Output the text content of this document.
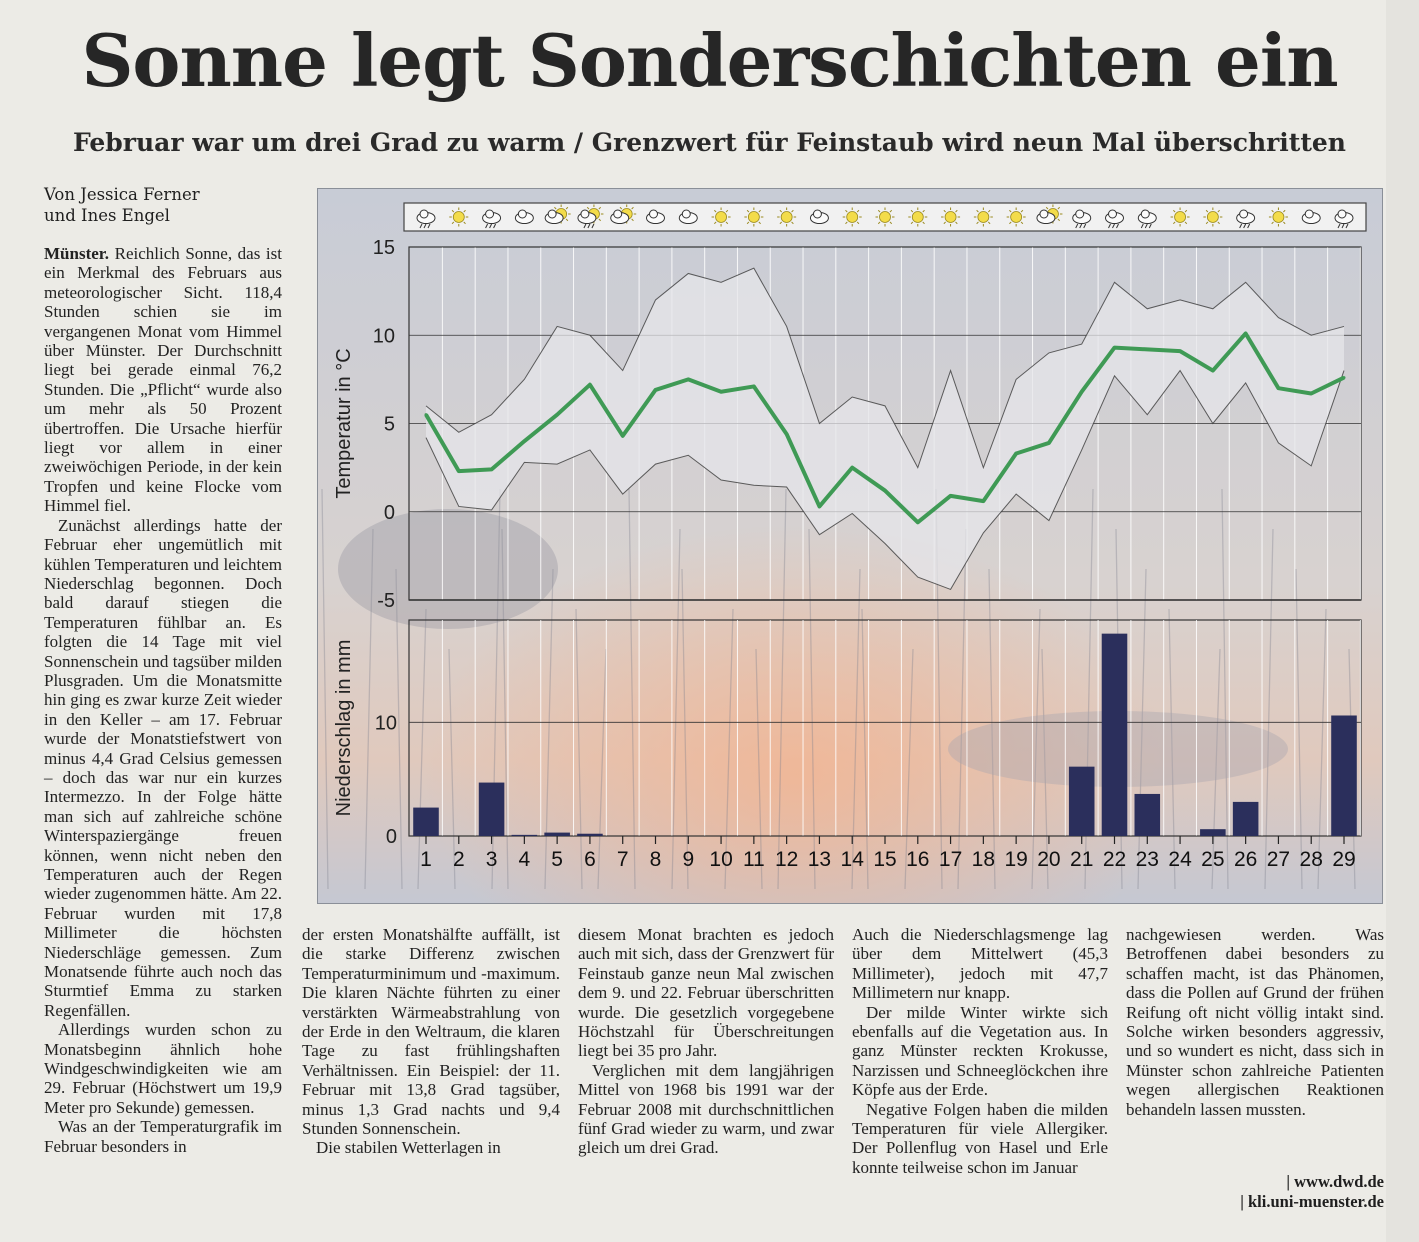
Sonne legt Sonderschichten ein
Februar war um drei Grad zu warm / Grenzwert für Feinstaub wird neun Mal überschritten
Von Jessica Ferner
und Ines Engel

Münster. Reichlich Sonne, das ist ein Merkmal des Februars aus meteorologischer Sicht. 118,4 Stunden schien sie im vergangenen Monat vom Himmel über Münster. Der Durchschnitt liegt bei gerade einmal 76,2 Stunden. Die „Pflicht“ wurde also um mehr als 50 Prozent übertroffen. Die Ursache hierfür liegt vor allem in einer zweiwöchigen Periode, in der kein Tropfen und keine Flocke vom Himmel fiel.

Zunächst allerdings hatte der Februar eher ungemütlich mit kühlen Temperaturen und leichtem Niederschlag begonnen. Doch bald darauf stiegen die Temperaturen fühlbar an. Es folgten die 14 Tage mit viel Sonnenschein und tagsüber milden Plusgraden. Um die Monatsmitte hin ging es zwar kurze Zeit wieder in den Keller – am 17. Februar wurde der Monatstiefstwert von minus 4,4 Grad Celsius gemessen – doch das war nur ein kurzes Intermezzo. In der Folge hätte man sich auf zahlreiche schöne Winterspaziergänge freuen können, wenn nicht neben den Temperaturen auch der Regen wieder zugenommen hätte. Am 22. Februar wurden mit 17,8 Millimeter die höchsten Niederschläge gemessen. Zum Monatsende führte auch noch das Sturmtief Emma zu starken Regenfällen.

Allerdings wurden schon zu Monatsbeginn ähnlich hohe Windgeschwindigkeiten wie am 29. Februar (Höchstwert um 19,9 Meter pro Sekunde) gemessen.

Was an der Temperaturgrafik im Februar besonders in

der ersten Monatshälfte auffällt, ist die starke Differenz zwischen Temperaturminimum und -maximum. Die klaren Nächte führten zu einer verstärkten Wärmeabstrahlung von der Erde in den Weltraum, die klaren Tage zu fast frühlingshaften Verhältnissen. Ein Beispiel: der 11. Februar mit 13,8 Grad tagsüber, minus 1,3 Grad nachts und 9,4 Stunden Sonnenschein.

Die stabilen Wetterlagen in

diesem Monat brachten es jedoch auch mit sich, dass der Grenzwert für Feinstaub ganze neun Mal zwischen dem 9. und 22. Februar überschritten wurde. Die gesetzlich vorgegebene Höchstzahl für Überschreitungen liegt bei 35 pro Jahr.

Verglichen mit dem langjährigen Mittel von 1968 bis 1991 war der Februar 2008 mit durchschnittlichen fünf Grad wieder zu warm, und zwar gleich um drei Grad.

Auch die Niederschlagsmenge lag über dem Mittelwert (45,3 Millimeter), jedoch mit 47,7 Millimetern nur knapp.

Der milde Winter wirkte sich ebenfalls auf die Vegetation aus. In ganz Münster reckten Krokusse, Narzissen und Schneeglöckchen ihre Köpfe aus der Erde.

Negative Folgen haben die milden Temperaturen für viele Allergiker. Der Pollenflug von Hasel und Erle konnte teilweise schon im Januar

nachgewiesen werden. Was Betroffenen dabei besonders zu schaffen macht, ist das Phänomen, dass die Pollen auf Grund der frühen Reifung oft nicht völlig intakt sind. Solche wirken besonders aggressiv, und so wundert es nicht, dass sich in Münster schon zahlreiche Patienten wegen allergischen Reaktionen behandeln lassen mussten.

| www.dwd.de
| kli.uni-muenster.de
-5
0
5
10
15
0
10
Temperatur in °C
Niederschlag in mm
1 2 3 4 5 6 7 8 9 10 11 12 13 14 15 16 17 18 19 20 21 22 23 24 25 26 27 28 29
